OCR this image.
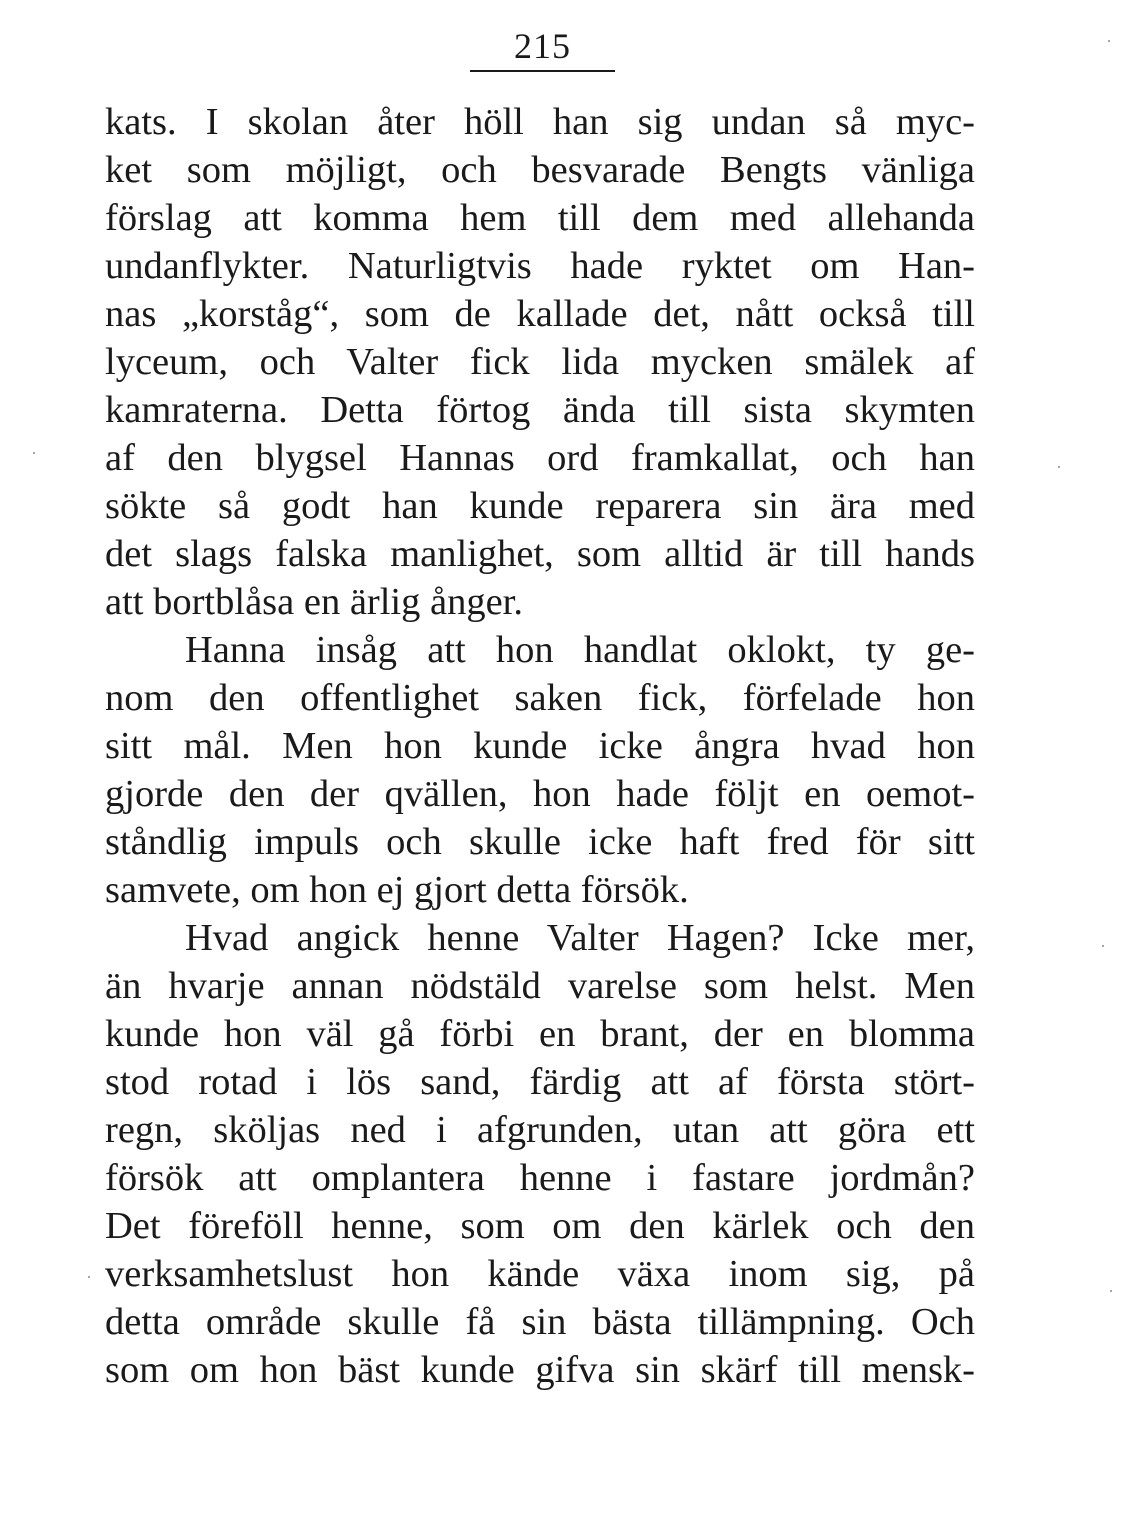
215
kats. I skolan åter höll han sig undan så myc-
ket som möjligt, och besvarade Bengts vänliga
förslag att komma hem till dem med allehanda
undanflykter. Naturligtvis hade ryktet om Han-
nas „korståg“, som de kallade det, nått också till
lyceum, och Valter fick lida mycken smälek af
kamraterna. Detta förtog ända till sista skymten
af den blygsel Hannas ord framkallat, och han
sökte så godt han kunde reparera sin ära med
det slags falska manlighet, som alltid är till hands
att bortblåsa en ärlig ånger.
Hanna insåg att hon handlat oklokt, ty ge-
nom den offentlighet saken fick, förfelade hon
sitt mål. Men hon kunde icke ångra hvad hon
gjorde den der qvällen, hon hade följt en oemot-
ståndlig impuls och skulle icke haft fred för sitt
samvete, om hon ej gjort detta försök.
Hvad angick henne Valter Hagen? Icke mer,
än hvarje annan nödstäld varelse som helst. Men
kunde hon väl gå förbi en brant, der en blomma
stod rotad i lös sand, färdig att af första stört-
regn, sköljas ned i afgrunden, utan att göra ett
försök att omplantera henne i fastare jordmån?
Det föreföll henne, som om den kärlek och den
verksamhetslust hon kände växa inom sig, på
detta område skulle få sin bästa tillämpning. Och
som om hon bäst kunde gifva sin skärf till mensk-
